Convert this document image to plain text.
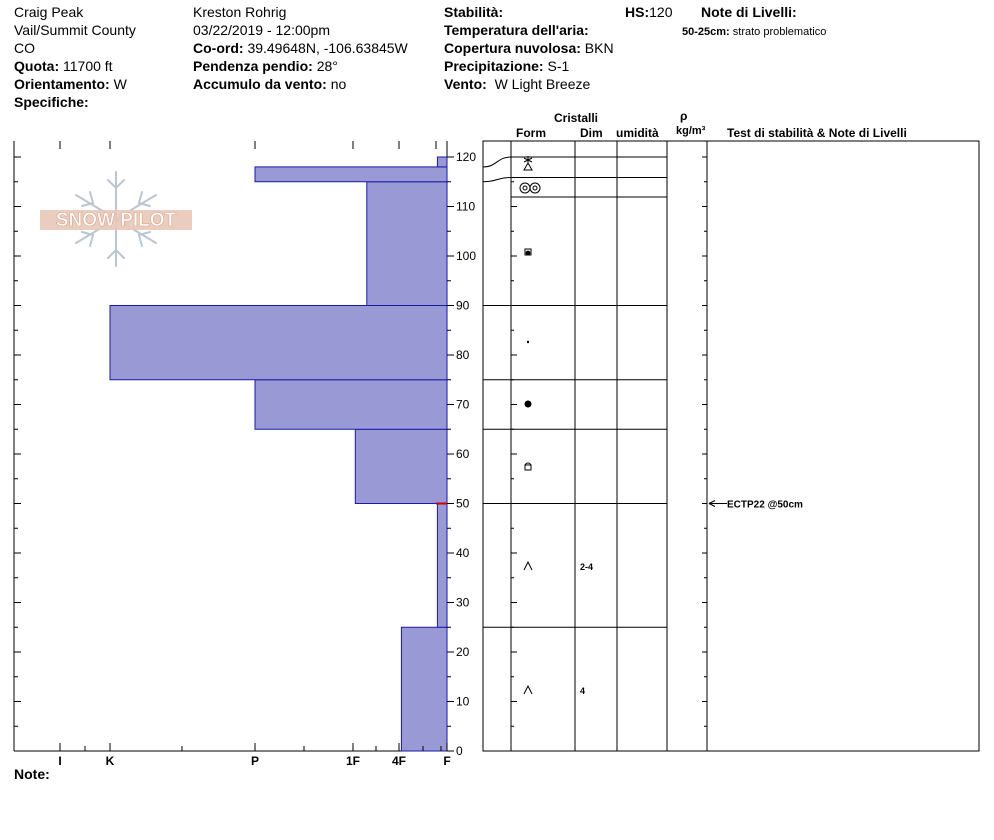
Craig Peak
Vail/Summit County
CO
Quota: 11700 ft
Orientamento: W
Specifiche:
Kreston Rohrig
03/22/2019 - 12:00pm
Co-ord: 39.49648N, -106.63845W
Pendenza pendio: 28°
Accumulo da vento: no
Stabilità:
Temperatura dell'aria:
Copertura nuvolosa: BKN
Precipitazione: S-1
Vento: W Light Breeze
HS:120 Note di Livelli:
50-25cm: strato problematico
Note:
Cristalli
Form	Dim umidità
ρ
kg/m³ Test di stabilità & Note di Livelli
SNOW PILOT
0
10
20
30
40
50
60
70
80
90
100
110
120
I	K	P	1F	4F	F
2-4
4
ECTP22 @50cm
